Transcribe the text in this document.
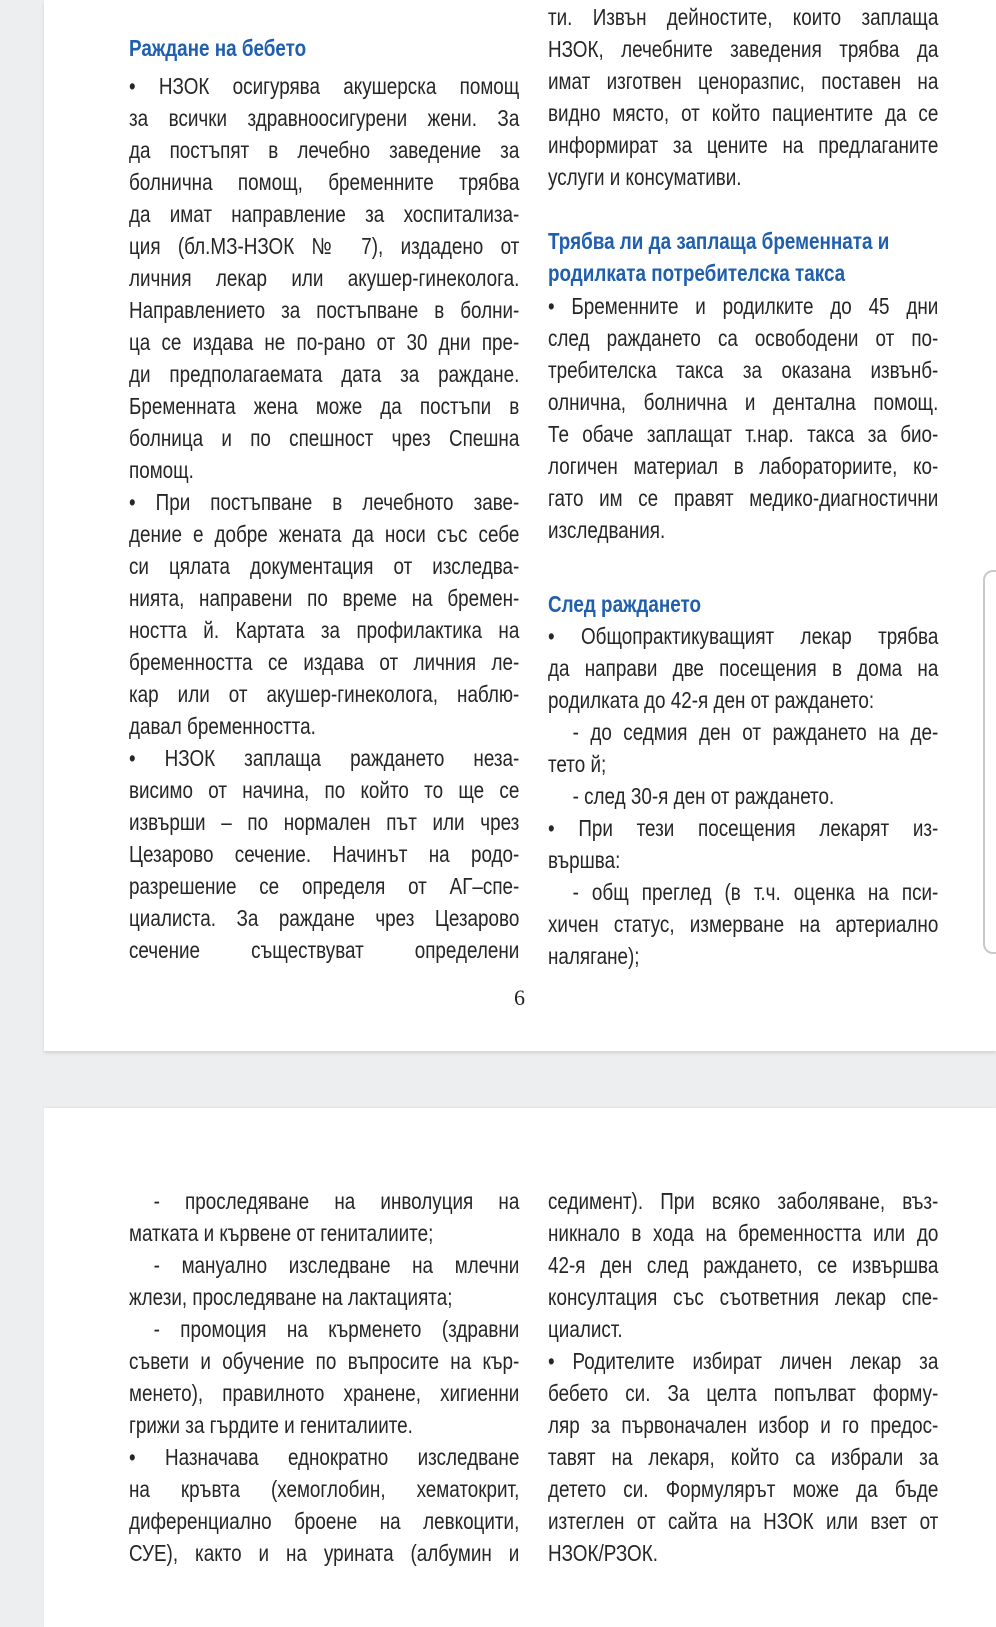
Раждане на бебето
• НЗОК осигурява акушерска помощ
за всички здравноосигурени жени. За
да постъпят в лечебно заведение за
болнична помощ, бременните трябва
да имат направление за хоспитализа-
ция (бл.МЗ-НЗОК № 7), издадено от
личния лекар или акушер-гинеколога.
Направлението за постъпване в болни-
ца се издава не по-рано от 30 дни пре-
ди предполагаемата дата за раждане.
Бременната жена може да постъпи в
болница и по спешност чрез Спешна
помощ.
• При постъпване в лечебното заве-
дение е добре жената да носи със себе
си цялата документация от изследва-
нията, направени по време на бремен-
ността й. Картата за профилактика на
бременността се издава от личния ле-
кар или от акушер-гинеколога, наблю-
давал бременността.
• НЗОК заплаща раждането неза-
висимо от начина, по който то ще се
извърши – по нормален път или чрез
Цезарово сечение. Начинът на родо-
разрешение се определя от АГ–спе-
циалиста. За раждане чрез Цезарово
сечение съществуват определени
ти. Извън дейностите, които заплаща
НЗОК, лечебните заведения трябва да
имат изготвен ценоразпис, поставен на
видно място, от който пациентите да се
информират за цените на предлаганите
услуги и консумативи.
Трябва ли да заплаща бременната и
родилката потребителска такса
• Бременните и родилките до 45 дни
след раждането са освободени от по-
требителска такса за оказана извънб-
олнична, болнична и дентална помощ.
Те обаче заплащат т.нар. такса за био-
логичен материал в лабораториите, ко-
гато им се правят медико-диагностични
изследвания.
След раждането
• Общопрактикуващият лекар трябва
да направи две посещения в дома на
родилката до 42-я ден от раждането:
- до седмия ден от раждането на де-
тето й;
- след 30-я ден от раждането.
• При тези посещения лекарят из-
вършва:
- общ преглед (в т.ч. оценка на пси-
хичен статус, измерване на артериално
налягане);
6
- проследяване на инволуция на
матката и кървене от гениталиите;
- мануално изследване на млечни
жлези, проследяване на лактацията;
- промоция на кърменето (здравни
съвети и обучение по въпросите на кър-
менето), правилното хранене, хигиенни
грижи за гърдите и гениталиите.
• Назначава еднократно изследване
на кръвта (хемоглобин, хематокрит,
диференциално броене на левкоцити,
СУЕ), както и на урината (албумин и
седимент). При всяко заболяване, въз-
никнало в хода на бременността или до
42-я ден след раждането, се извършва
консултация със съответния лекар спе-
циалист.
• Родителите избират личен лекар за
бебето си. За целта попълват форму-
ляр за първоначален избор и го предос-
тавят на лекаря, който са избрали за
детето си. Формулярът може да бъде
изтеглен от сайта на НЗОК или взет от
НЗОК/РЗОК.
